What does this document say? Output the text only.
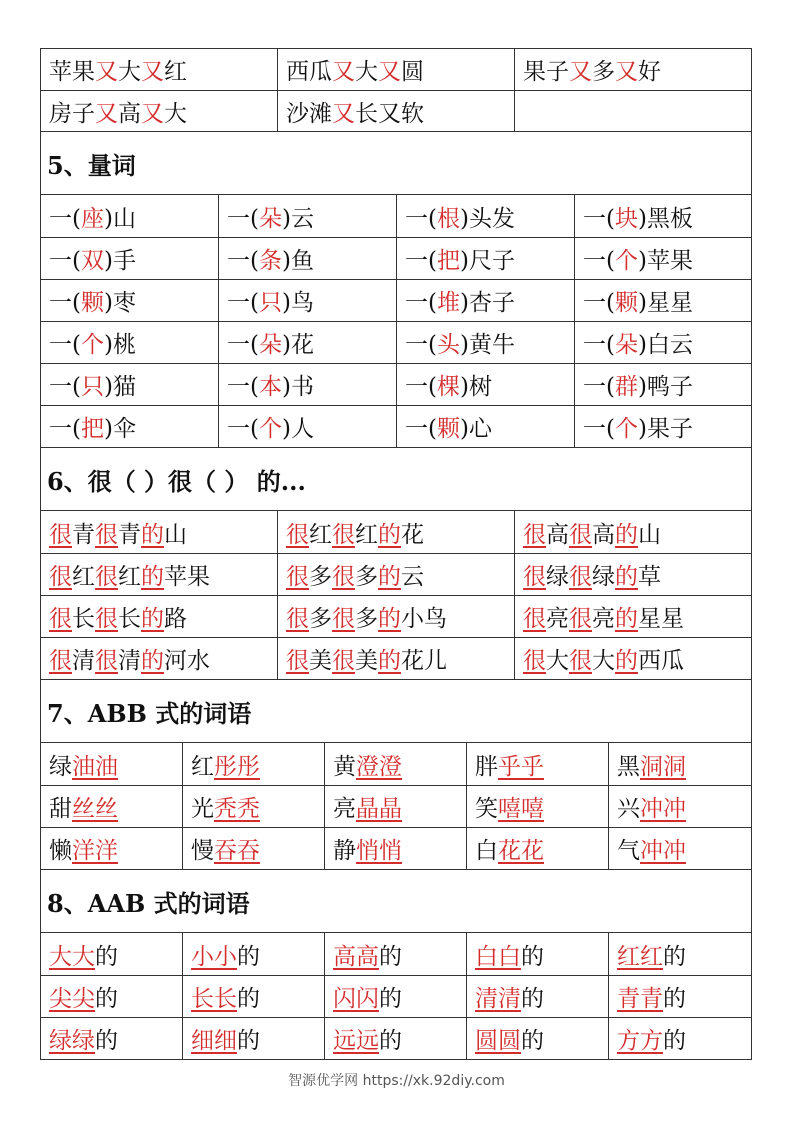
苹果 又 大 又 红	西瓜 又 大 又 圆	果子 又 多 又 好
房子 又 高 又 大	沙滩 又 长又软
5、量词
一( 座 )山	一( 朵 )云	一( 根 )头发	一( 块 )黑板
一( 双 )手	一( 条 )鱼	一( 把 )尺子	一( 个 )苹果
一( 颗 )枣	一( 只 )鸟	一( 堆 )杏子	一( 颗 )星星
一( 个 )桃	一( 朵 )花	一( 头 )黄牛	一( 朵 )白云
一( 只 )猫	一( 本 )书	一( 棵 )树	一( 群 )鸭子
一( 把 )伞	一( 个 )人	一( 颗 )心	一( 个 )果子
6、很（ ）很（ ） 的...
很 青 很 青 的 山	很 红 很 红 的 花	很 高 很 高 的 山
很 红 很 红 的 苹果	很 多 很 多 的 云	很 绿 很 绿 的 草
很 长 很 长 的 路	很 多 很 多 的 小鸟	很 亮 很 亮 的 星星
很 清 很 清 的 河水	很 美 很 美 的 花儿	很 大 很 大 的 西瓜
7、ABB 式的词语
绿 油油	红 彤彤	黄 澄澄	胖 乎乎	黑 洞洞
甜 丝丝	光 秃秃	亮 晶晶	笑 嘻嘻	兴 冲冲
懒 洋洋	慢 吞吞	静 悄悄	白 花花	气 冲冲
8、AAB 式的词语
大大 的	小小 的	高高 的	白白 的	红红 的
尖尖 的	长长 的	闪闪 的	清清 的	青青 的
绿绿 的	细细 的	远远 的	圆圆 的	方方 的
智源优学网 https://xk.92diy.com
